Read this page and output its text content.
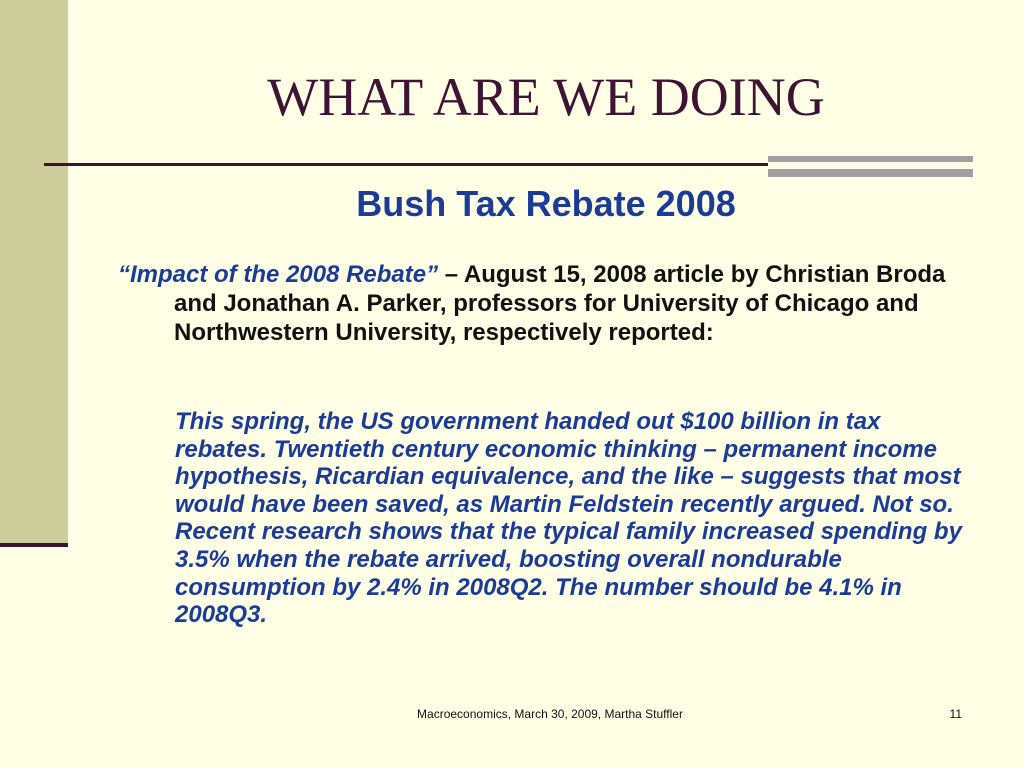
WHAT ARE WE DOING
Bush Tax Rebate 2008

“Impact of the 2008 Rebate” – August 15, 2008 article by Christian Broda and Jonathan A. Parker, professors for University of Chicago and Northwestern University, respectively reported:

This spring, the US government handed out $100 billion in tax rebates. Twentieth century economic thinking – permanent income hypothesis, Ricardian equivalence, and the like – suggests that most would have been saved, as Martin Feldstein recently argued. Not so. Recent research shows that the typical family increased spending by 3.5% when the rebate arrived, boosting overall nondurable consumption by 2.4% in 2008Q2. The number should be 4.1% in 2008Q3.

Macroeconomics, March 30, 2009, Martha Stuffler	11
